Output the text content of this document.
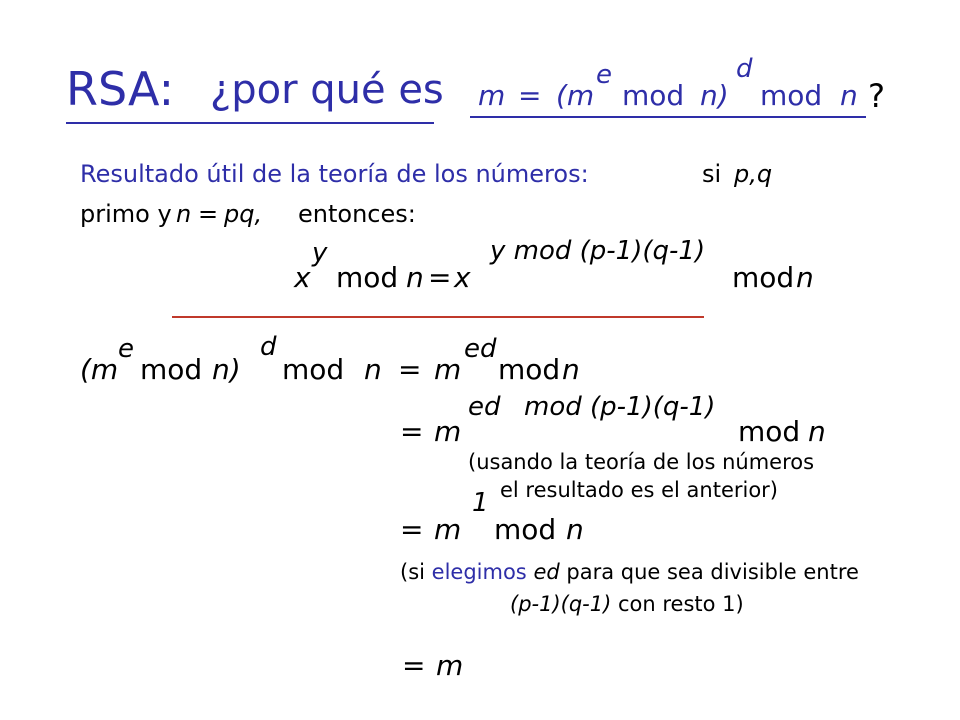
RSA: ¿por qué es m = (m
e
mod n)
d
mod n ?
Resultado útil de la teoría de los números:	si p,q
primo y n = pq, entonces:
x
y
mod n = x
y mod (p-1)(q-1)
mod n
(m
e
mod n)
d
mod n = m
ed
mod n
= m
ed mod (p-1)(q-1)
mod n
(usando la teoría de los números
el resultado es el anterior)
= m
1
mod n
(si elegimos ed para que sea divisible entre
(p-1)(q-1) con resto 1)
= m
